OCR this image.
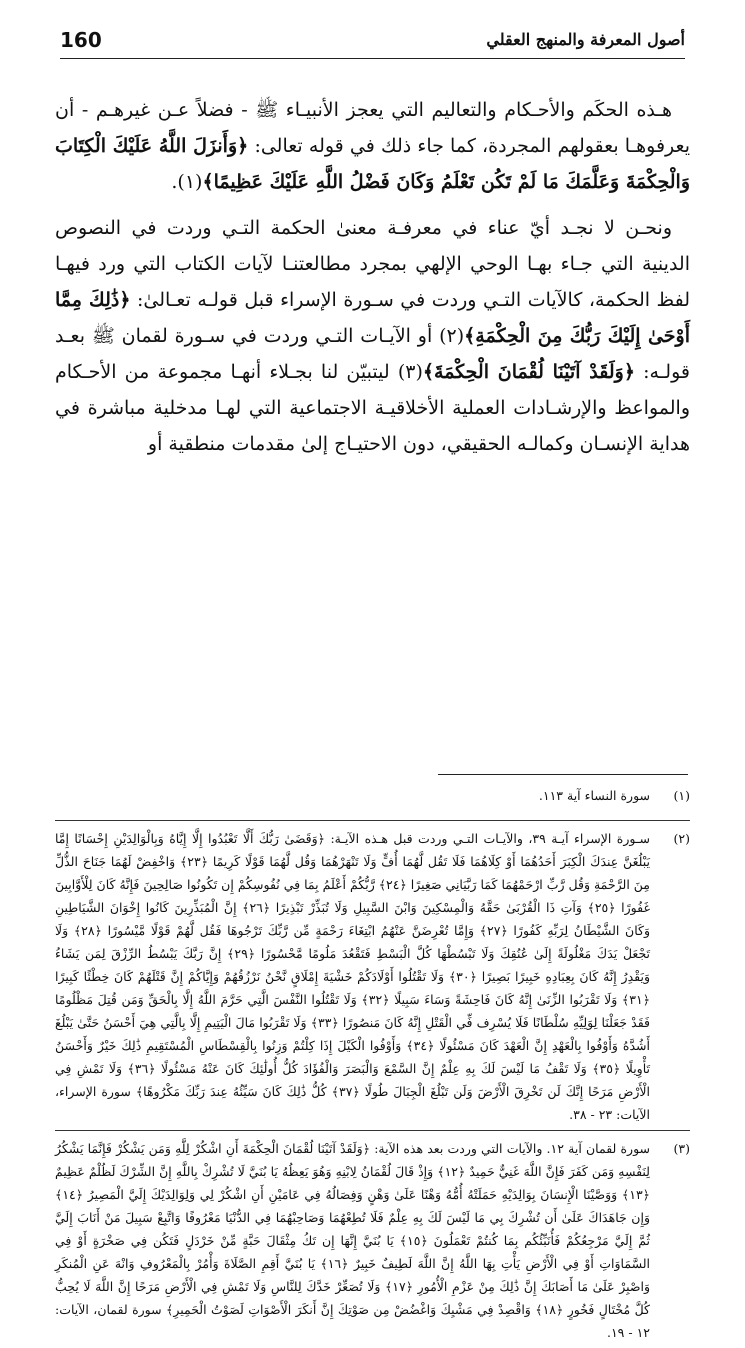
160	أصول المعرفة والمنهج العقلي

هـذه الحكَم والأحـكام والتعاليم التي يعجز الأنبيـاء ﷺ - فضلاً عـن غيرهـم - أن يعرفوهـا بعقولهم المجردة، كما جاء ذلك في قوله تعالى: ﴿وَأَنزَلَ اللَّهُ عَلَيْكَ الْكِتَابَ وَالْحِكْمَةَ وَعَلَّمَكَ مَا لَمْ تَكُن تَعْلَمُ وَكَانَ فَضْلُ اللَّهِ عَلَيْكَ عَظِيمًا﴾(١).

ونحـن لا نجـد أيّ عناء في معرفـة معنىٰ الحكمة التـي وردت في النصوص الدينية التي جـاء بهـا الوحي الإلهي بمجرد مطالعتنـا لآيات الكتاب التي ورد فيهـا لفظ الحكمة، كالآيات التـي وردت في سـورة الإسراء قبل قولـه تعـالىٰ: ﴿ذَٰلِكَ مِمَّا أَوْحَىٰ إِلَيْكَ رَبُّكَ مِنَ الْحِكْمَةِ﴾(٢) أو الآيـات التـي وردت في سـورة لقمان ﷺ بعـد قولـه: ﴿وَلَقَدْ آتَيْنَا لُقْمَانَ الْحِكْمَةَ﴾(٣) ليتبيّن لنا بجـلاء أنهـا مجموعة من الأحـكام والمواعظ والإرشـادات العملية الأخلاقيـة الاجتماعية التي لهـا مدخلية مباشرة في هداية الإنسـان وكمالـه الحقيقي، دون الاحتيـاج إلىٰ مقدمات منطقية أو

(١)
سورة النساء آية ١١٣.
(٢)
سـورة الإسراء آيـة ٣٩، والآيـات التـي وردت قبل هـذه الآيـة: ﴿وَقَضَىٰ رَبُّكَ أَلَّا تَعْبُدُوا إِلَّا إِيَّاهُ وَبِالْوَالِدَيْنِ إِحْسَانًا إِمَّا يَبْلُغَنَّ عِندَكَ الْكِبَرَ أَحَدُهُمَا أَوْ كِلَاهُمَا فَلَا تَقُل لَّهُمَا أُفٍّ وَلَا تَنْهَرْهُمَا وَقُل لَّهُمَا قَوْلًا كَرِيمًا ﴿٢٣﴾ وَاخْفِضْ لَهُمَا جَنَاحَ الذُّلِّ مِنَ الرَّحْمَةِ وَقُل رَّبِّ ارْحَمْهُمَا كَمَا رَبَّيَانِي صَغِيرًا ﴿٢٤﴾ رَّبُّكُمْ أَعْلَمُ بِمَا فِي نُفُوسِكُمْ إِن تَكُونُوا صَالِحِينَ فَإِنَّهُ كَانَ لِلْأَوَّابِينَ غَفُورًا ﴿٢٥﴾ وَآتِ ذَا الْقُرْبَىٰ حَقَّهُ وَالْمِسْكِينَ وَابْنَ السَّبِيلِ وَلَا تُبَذِّرْ تَبْذِيرًا ﴿٢٦﴾ إِنَّ الْمُبَذِّرِينَ كَانُوا إِخْوَانَ الشَّيَاطِينِ وَكَانَ الشَّيْطَانُ لِرَبِّهِ كَفُورًا ﴿٢٧﴾ وَإِمَّا تُعْرِضَنَّ عَنْهُمُ ابْتِغَاءَ رَحْمَةٍ مِّن رَّبِّكَ تَرْجُوهَا فَقُل لَّهُمْ قَوْلًا مَّيْسُورًا ﴿٢٨﴾ وَلَا تَجْعَلْ يَدَكَ مَغْلُولَةً إِلَىٰ عُنُقِكَ وَلَا تَبْسُطْهَا كُلَّ الْبَسْطِ فَتَقْعُدَ مَلُومًا مَّحْسُورًا ﴿٢٩﴾ إِنَّ رَبَّكَ يَبْسُطُ الرِّزْقَ لِمَن يَشَاءُ وَيَقْدِرُ إِنَّهُ كَانَ بِعِبَادِهِ خَبِيرًا بَصِيرًا ﴿٣٠﴾ وَلَا تَقْتُلُوا أَوْلَادَكُمْ خَشْيَةَ إِمْلَاقٍ نَّحْنُ نَرْزُقُهُمْ وَإِيَّاكُمْ إِنَّ قَتْلَهُمْ كَانَ خِطْئًا كَبِيرًا ﴿٣١﴾ وَلَا تَقْرَبُوا الزِّنَىٰ إِنَّهُ كَانَ فَاحِشَةً وَسَاءَ سَبِيلًا ﴿٣٢﴾ وَلَا تَقْتُلُوا النَّفْسَ الَّتِي حَرَّمَ اللَّهُ إِلَّا بِالْحَقِّ وَمَن قُتِلَ مَظْلُومًا فَقَدْ جَعَلْنَا لِوَلِيِّهِ سُلْطَانًا فَلَا يُسْرِف فِّي الْقَتْلِ إِنَّهُ كَانَ مَنصُورًا ﴿٣٣﴾ وَلَا تَقْرَبُوا مَالَ الْيَتِيمِ إِلَّا بِالَّتِي هِيَ أَحْسَنُ حَتَّىٰ يَبْلُغَ أَشُدَّهُ وَأَوْفُوا بِالْعَهْدِ إِنَّ الْعَهْدَ كَانَ مَسْئُولًا ﴿٣٤﴾ وَأَوْفُوا الْكَيْلَ إِذَا كِلْتُمْ وَزِنُوا بِالْقِسْطَاسِ الْمُسْتَقِيمِ ذَٰلِكَ خَيْرٌ وَأَحْسَنُ تَأْوِيلًا ﴿٣٥﴾ وَلَا تَقْفُ مَا لَيْسَ لَكَ بِهِ عِلْمٌ إِنَّ السَّمْعَ وَالْبَصَرَ وَالْفُؤَادَ كُلُّ أُولَٰئِكَ كَانَ عَنْهُ مَسْئُولًا ﴿٣٦﴾ وَلَا تَمْشِ فِي الْأَرْضِ مَرَحًا إِنَّكَ لَن تَخْرِقَ الْأَرْضَ وَلَن تَبْلُغَ الْجِبَالَ طُولًا ﴿٣٧﴾ كُلُّ ذَٰلِكَ كَانَ سَيِّئُهُ عِندَ رَبِّكَ مَكْرُوهًا﴾ سورة الإسراء، الآيات: ٢٣ - ٣٨.
(٣)
سورة لقمان آية ١٢. والآيات التي وردت بعد هذه الآية: ﴿وَلَقَدْ آتَيْنَا لُقْمَانَ الْحِكْمَةَ أَنِ اشْكُرْ لِلَّهِ وَمَن يَشْكُرْ فَإِنَّمَا يَشْكُرُ لِنَفْسِهِ وَمَن كَفَرَ فَإِنَّ اللَّهَ غَنِيٌّ حَمِيدٌ ﴿١٢﴾ وَإِذْ قَالَ لُقْمَانُ لِابْنِهِ وَهُوَ يَعِظُهُ يَا بُنَيَّ لَا تُشْرِكْ بِاللَّهِ إِنَّ الشِّرْكَ لَظُلْمٌ عَظِيمٌ ﴿١٣﴾ وَوَصَّيْنَا الْإِنسَانَ بِوَالِدَيْهِ حَمَلَتْهُ أُمُّهُ وَهْنًا عَلَىٰ وَهْنٍ وَفِصَالُهُ فِي عَامَيْنِ أَنِ اشْكُرْ لِي وَلِوَالِدَيْكَ إِلَيَّ الْمَصِيرُ ﴿١٤﴾ وَإِن جَاهَدَاكَ عَلَىٰ أَن تُشْرِكَ بِي مَا لَيْسَ لَكَ بِهِ عِلْمٌ فَلَا تُطِعْهُمَا وَصَاحِبْهُمَا فِي الدُّنْيَا مَعْرُوفًا وَاتَّبِعْ سَبِيلَ مَنْ أَنَابَ إِلَيَّ ثُمَّ إِلَيَّ مَرْجِعُكُمْ فَأُنَبِّئُكُم بِمَا كُنتُمْ تَعْمَلُونَ ﴿١٥﴾ يَا بُنَيَّ إِنَّهَا إِن تَكُ مِثْقَالَ حَبَّةٍ مِّنْ خَرْدَلٍ فَتَكُن فِي صَخْرَةٍ أَوْ فِي السَّمَاوَاتِ أَوْ فِي الْأَرْضِ يَأْتِ بِهَا اللَّهُ إِنَّ اللَّهَ لَطِيفٌ خَبِيرٌ ﴿١٦﴾ يَا بُنَيَّ أَقِمِ الصَّلَاةَ وَأْمُرْ بِالْمَعْرُوفِ وَانْهَ عَنِ الْمُنكَرِ وَاصْبِرْ عَلَىٰ مَا أَصَابَكَ إِنَّ ذَٰلِكَ مِنْ عَزْمِ الْأُمُورِ ﴿١٧﴾ وَلَا تُصَعِّرْ خَدَّكَ لِلنَّاسِ وَلَا تَمْشِ فِي الْأَرْضِ مَرَحًا إِنَّ اللَّهَ لَا يُحِبُّ كُلَّ مُخْتَالٍ فَخُورٍ ﴿١٨﴾ وَاقْصِدْ فِي مَشْيِكَ وَاغْضُضْ مِن صَوْتِكَ إِنَّ أَنكَرَ الْأَصْوَاتِ لَصَوْتُ الْحَمِيرِ﴾ سورة لقمان، الآيات: ١٢ - ١٩.
